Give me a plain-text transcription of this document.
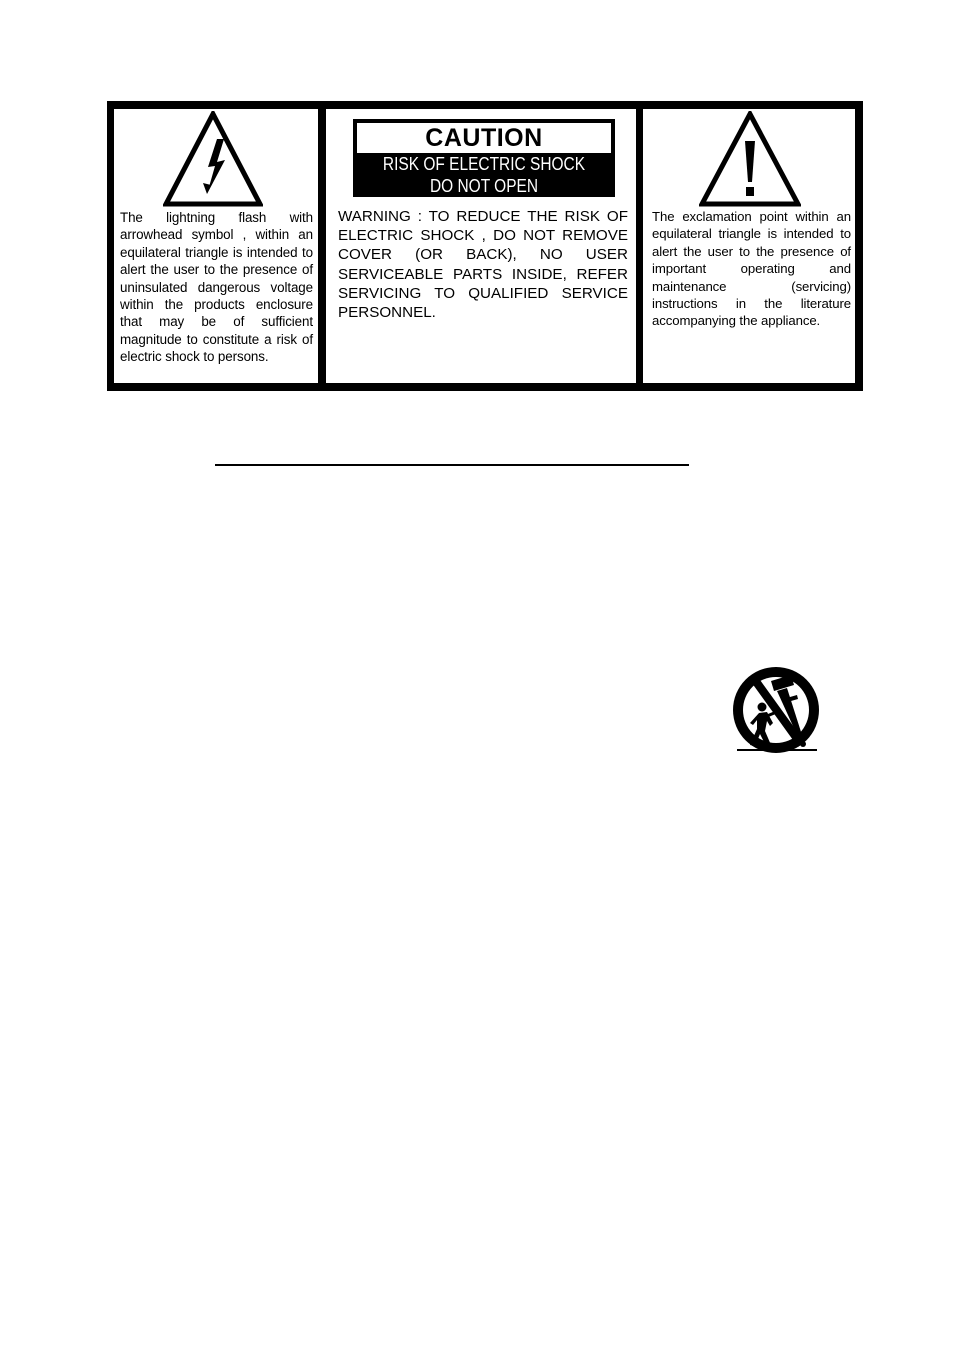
The lightning flash with arrowhead symbol , within an equilateral triangle is intended to alert the user to the presence of uninsulated dangerous voltage within the products enclosure that may be of sufficient magnitude to constitute a risk of electric shock to persons.

CAUTION
RISK OF ELECTRIC SHOCK
DO NOT OPEN

WARNING : TO REDUCE THE RISK OF ELECTRIC SHOCK , DO NOT REMOVE COVER (OR BACK), NO USER SERVICEABLE PARTS INSIDE, REFER SERVICING TO QUALIFIED SERVICE PERSONNEL.

The exclamation point within an equilateral triangle is intended to alert the user to the presence of important operating and maintenance (servicing) instructions in the literature accompanying the appliance.
